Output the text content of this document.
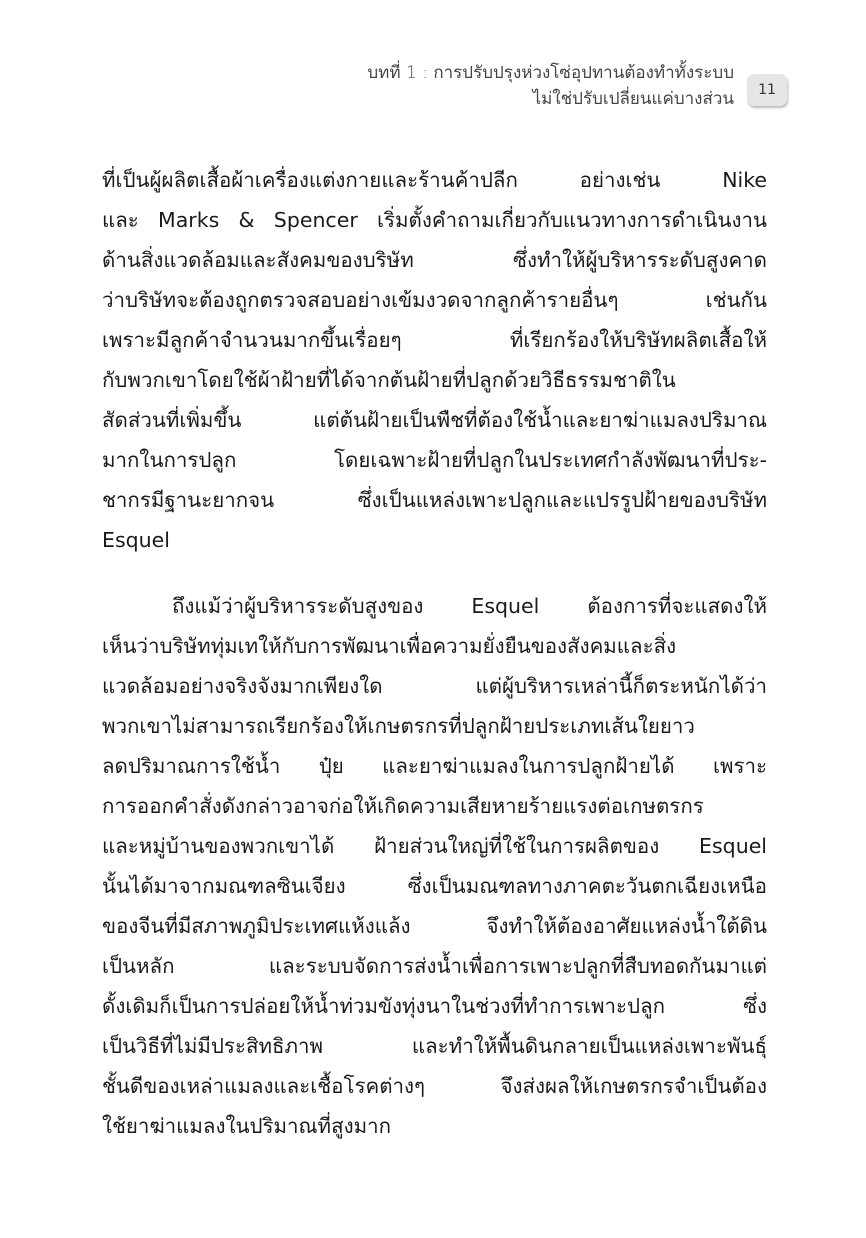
บทที่ 1 : การปรับปรุงห่วงโซ่อุปทานต้องทำทั้งระบบ
ไม่ใช่ปรับเปลี่ยนแค่บางส่วน	11
ที่เป็นผู้ผลิตเสื้อผ้าเครื่องแต่งกายและร้านค้าปลีก อย่างเช่น Nike
และ Marks & Spencer เริ่มตั้งคำถามเกี่ยวกับแนวทางการดำเนินงาน
ด้านสิ่งแวดล้อมและสังคมของบริษัท ซึ่งทำให้ผู้บริหารระดับสูงคาด
ว่าบริษัทจะต้องถูกตรวจสอบอย่างเข้มงวดจากลูกค้ารายอื่นๆ เช่นกัน
เพราะมีลูกค้าจำนวนมากขึ้นเรื่อยๆ ที่เรียกร้องให้บริษัทผลิตเสื้อให้
กับพวกเขาโดยใช้ผ้าฝ้ายที่ได้จากต้นฝ้ายที่ปลูกด้วยวิธีธรรมชาติใน
สัดส่วนที่เพิ่มขึ้น แต่ต้นฝ้ายเป็นพืชที่ต้องใช้น้ำและยาฆ่าแมลงปริมาณ
มากในการปลูก โดยเฉพาะฝ้ายที่ปลูกในประเทศกำลังพัฒนาที่ประ-
ชากรมีฐานะยากจน ซึ่งเป็นแหล่งเพาะปลูกและแปรรูปฝ้ายของบริษัท
Esquel
ถึงแม้ว่าผู้บริหารระดับสูงของ Esquel ต้องการที่จะแสดงให้
เห็นว่าบริษัททุ่มเทให้กับการพัฒนาเพื่อความยั่งยืนของสังคมและสิ่ง
แวดล้อมอย่างจริงจังมากเพียงใด แต่ผู้บริหารเหล่านี้ก็ตระหนักได้ว่า
พวกเขาไม่สามารถเรียกร้องให้เกษตรกรที่ปลูกฝ้ายประเภทเส้นใยยาว
ลดปริมาณการใช้น้ำ ปุ๋ย และยาฆ่าแมลงในการปลูกฝ้ายได้ เพราะ
การออกคำสั่งดังกล่าวอาจก่อให้เกิดความเสียหายร้ายแรงต่อเกษตรกร
และหมู่บ้านของพวกเขาได้ ฝ้ายส่วนใหญ่ที่ใช้ในการผลิตของ Esquel
นั้นได้มาจากมณฑลซินเจียง ซึ่งเป็นมณฑลทางภาคตะวันตกเฉียงเหนือ
ของจีนที่มีสภาพภูมิประเทศแห้งแล้ง จึงทำให้ต้องอาศัยแหล่งน้ำใต้ดิน
เป็นหลัก และระบบจัดการส่งน้ำเพื่อการเพาะปลูกที่สืบทอดกันมาแต่
ดั้งเดิมก็เป็นการปล่อยให้น้ำท่วมขังทุ่งนาในช่วงที่ทำการเพาะปลูก ซึ่ง
เป็นวิธีที่ไม่มีประสิทธิภาพ และทำให้พื้นดินกลายเป็นแหล่งเพาะพันธุ์
ชั้นดีของเหล่าแมลงและเชื้อโรคต่างๆ จึงส่งผลให้เกษตรกรจำเป็นต้อง
ใช้ยาฆ่าแมลงในปริมาณที่สูงมาก
